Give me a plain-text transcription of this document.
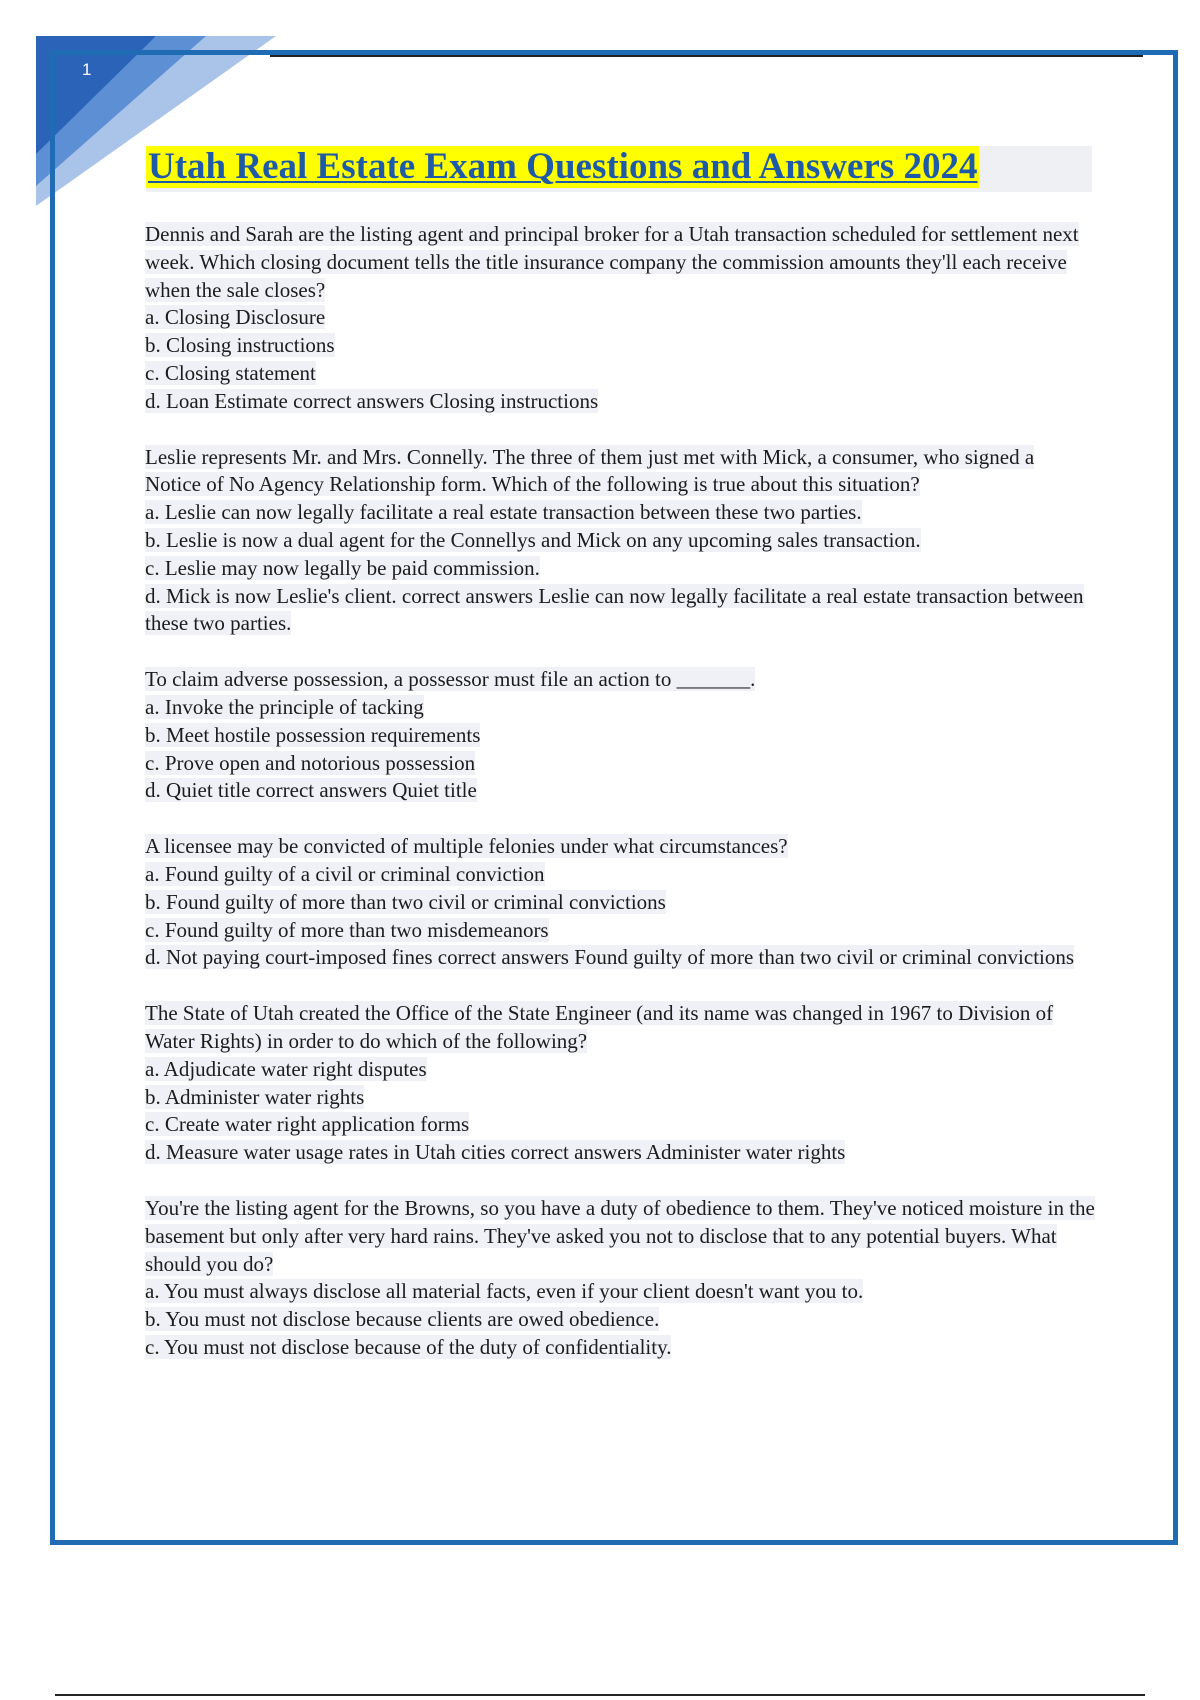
1
Utah Real Estate Exam Questions and Answers 2024

Dennis and Sarah are the listing agent and principal broker for a Utah transaction scheduled for settlement next week. Which closing document tells the title insurance company the commission amounts they'll each receive when the sale closes?

a. Closing Disclosure

b. Closing instructions

c. Closing statement

d. Loan Estimate correct answers Closing instructions

Leslie represents Mr. and Mrs. Connelly. The three of them just met with Mick, a consumer, who signed a Notice of No Agency Relationship form. Which of the following is true about this situation?

a. Leslie can now legally facilitate a real estate transaction between these two parties.

b. Leslie is now a dual agent for the Connellys and Mick on any upcoming sales transaction.

c. Leslie may now legally be paid commission.

d. Mick is now Leslie's client. correct answers Leslie can now legally facilitate a real estate transaction between these two parties.

To claim adverse possession, a possessor must file an action to _______.

a. Invoke the principle of tacking

b. Meet hostile possession requirements

c. Prove open and notorious possession

d. Quiet title correct answers Quiet title

A licensee may be convicted of multiple felonies under what circumstances?

a. Found guilty of a civil or criminal conviction

b. Found guilty of more than two civil or criminal convictions

c. Found guilty of more than two misdemeanors

d. Not paying court-imposed fines correct answers Found guilty of more than two civil or criminal convictions

The State of Utah created the Office of the State Engineer (and its name was changed in 1967 to Division of Water Rights) in order to do which of the following?

a. Adjudicate water right disputes

b. Administer water rights

c. Create water right application forms

d. Measure water usage rates in Utah cities correct answers Administer water rights

You're the listing agent for the Browns, so you have a duty of obedience to them. They've noticed moisture in the basement but only after very hard rains. They've asked you not to disclose that to any potential buyers. What should you do?

a. You must always disclose all material facts, even if your client doesn't want you to.

b. You must not disclose because clients are owed obedience.

c. You must not disclose because of the duty of confidentiality.
